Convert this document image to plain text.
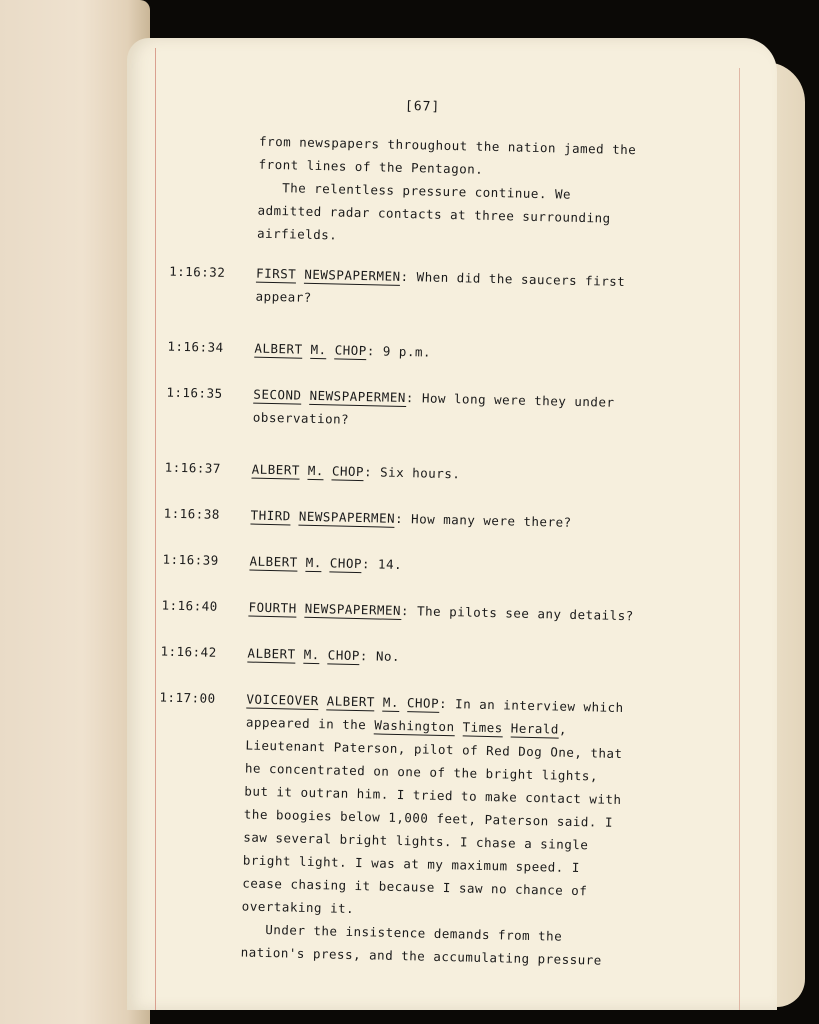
[67]
from newspapers throughout the nation jamed the
front lines of the Pentagon.
The relentless pressure continue. We
admitted radar contacts at three surrounding
airfields.
1:16:32 FIRST NEWSPAPERMEN: When did the saucers first
appear?
1:16:34 ALBERT M. CHOP: 9 p.m.
1:16:35 SECOND NEWSPAPERMEN: How long were they under
observation?
1:16:37 ALBERT M. CHOP: Six hours.
1:16:38 THIRD NEWSPAPERMEN: How many were there?
1:16:39 ALBERT M. CHOP: 14.
1:16:40 FOURTH NEWSPAPERMEN: The pilots see any details?
1:16:42 ALBERT M. CHOP: No.
1:17:00 VOICEOVER ALBERT M. CHOP: In an interview which
appeared in the Washington Times Herald,
Lieutenant Paterson, pilot of Red Dog One, that
he concentrated on one of the bright lights,
but it outran him. I tried to make contact with
the boogies below 1,000 feet, Paterson said. I
saw several bright lights. I chase a single
bright light. I was at my maximum speed. I
cease chasing it because I saw no chance of
overtaking it.
Under the insistence demands from the
nation's press, and the accumulating pressure
